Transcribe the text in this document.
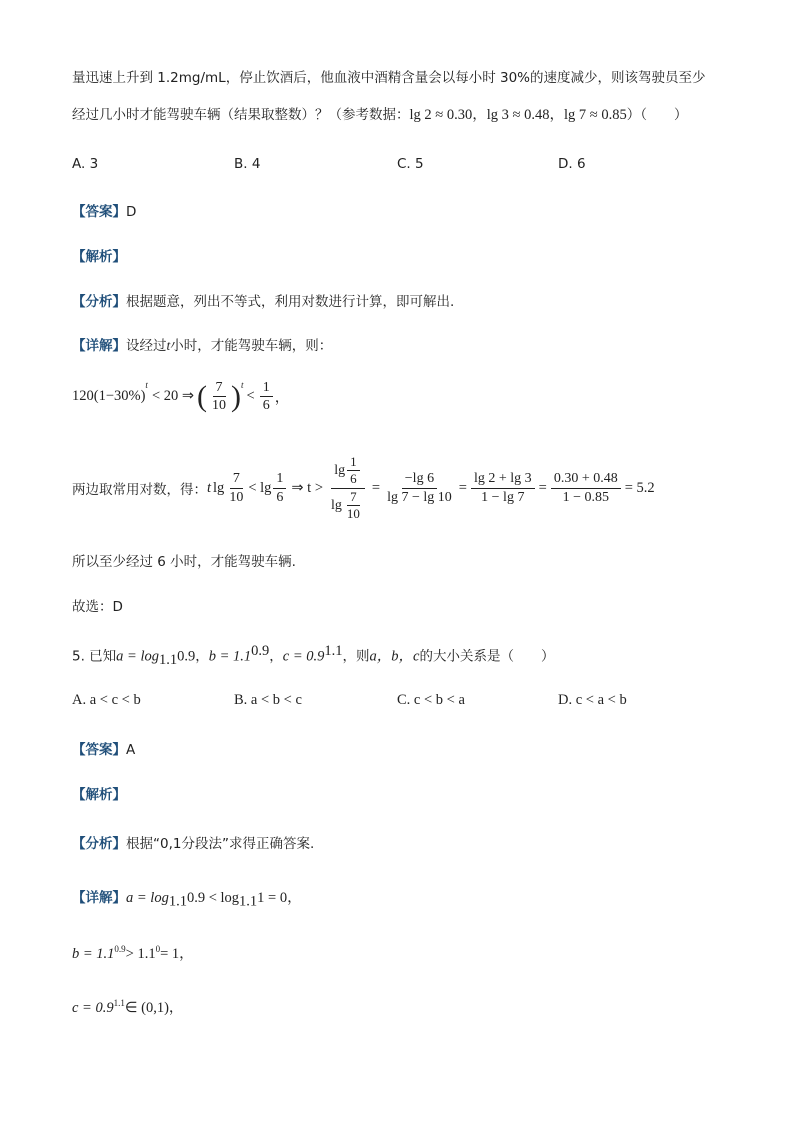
量迅速上升到 1.2mg/mL，停止饮酒后，他血液中酒精含量会以每小时 30%的速度减少，则该驾驶员至少
经过几小时才能驾驶车辆（结果取整数）？（参考数据：lg 2 ≈ 0.30，lg 3 ≈ 0.48，lg 7 ≈ 0.85）（　　）
A. 3	B. 4	C. 5	D. 6
【答案】D
【解析】
【分析】根据题意，列出不等式，利用对数进行计算，即可解出.
【详解】设经过t小时，才能驾驶车辆，则：
120(1−30%)
$^t$
< 20 ⇒ ( $\frac{7}{10} )^t$
< $\frac{1}{6}$ ，
两边取常用对数，得： t $\lg \frac{7}{10} < \lg \frac{1}{6}$ ⇒ $t > \frac{\lg \frac{1}{6}}{\lg \frac{7}{10}} = \frac{-\lg 6}{\lg 7 - \lg 10} = \frac{\lg 2 + \lg 3}{1 - \lg 7} = \frac{0.30 + 0.48}{1 - 0.85} = 5.2$
所以至少经过 6 小时，才能驾驶车辆.
故选：D
5. 已知$a = \log_{1.1}0.9$，$b = 1.1^{0.9}$，$c = 0.9^{1.1}$，则a，b，c的大小关系是（　　）
A. a < c < b	B. a < b < c	C. c < b < a	D. c < a < b
【答案】A
【解析】
【分析】根据“0,1分段法”求得正确答案.
【详解】$a = \log_{1.1}0.9 < \log_{1.1}1 = 0$，
$b = 1.1^{0.9}> 1.1^0= 1$，
$c = 0.9^{1.1}\in$ (0,1)，
